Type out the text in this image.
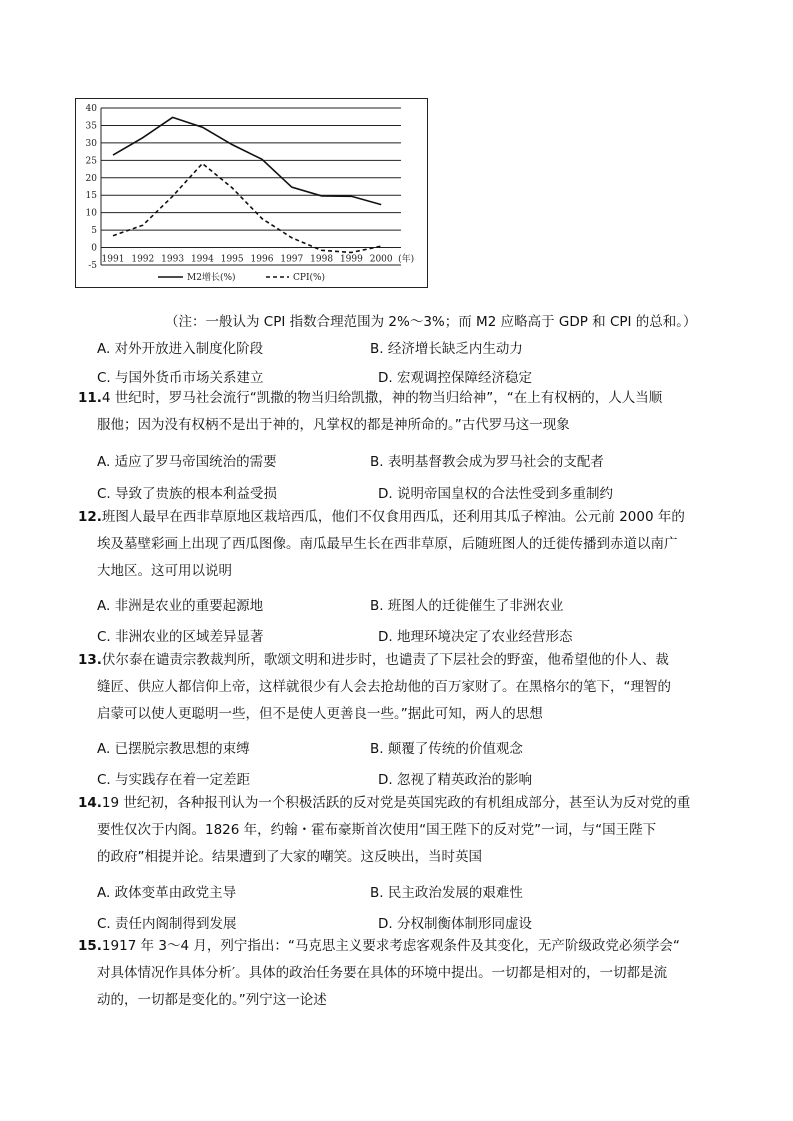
40
35
30
25
20
15
10
5
0
-5
1991 1992 1993 1994 1995 1996 1997 1998 1999 2000 (年)
M2增长(%)	CPI(%)
（注：一般认为 CPI 指数合理范围为 2%～3%；而 M2 应略高于 GDP 和 CPI 的总和。）
A. 对外开放进入制度化阶段	B. 经济增长缺乏内生动力
C. 与国外货币市场关系建立	D. 宏观调控保障经济稳定
11.4 世纪时，罗马社会流行“凯撒的物当归给凯撒，神的物当归给神”，“在上有权柄的，人人当顺
服他；因为没有权柄不是出于神的，凡掌权的都是神所命的。”古代罗马这一现象
A. 适应了罗马帝国统治的需要	B. 表明基督教会成为罗马社会的支配者
C. 导致了贵族的根本利益受损	D. 说明帝国皇权的合法性受到多重制约
12.班图人最早在西非草原地区栽培西瓜，他们不仅食用西瓜，还利用其瓜子榨油。公元前 2000 年的
埃及墓壁彩画上出现了西瓜图像。南瓜最早生长在西非草原，后随班图人的迁徙传播到赤道以南广
大地区。这可用以说明
A. 非洲是农业的重要起源地	B. 班图人的迁徙催生了非洲农业
C. 非洲农业的区域差异显著	D. 地理环境决定了农业经营形态
13.伏尔泰在谴责宗教裁判所，歌颂文明和进步时，也谴责了下层社会的野蛮，他希望他的仆人、裁
缝匠、供应人都信仰上帝，这样就很少有人会去抢劫他的百万家财了。在黑格尔的笔下，“理智的
启蒙可以使人更聪明一些，但不是使人更善良一些。”据此可知，两人的思想
A. 已摆脱宗教思想的束缚	B. 颠覆了传统的价值观念
C. 与实践存在着一定差距	D. 忽视了精英政治的影响
14.19 世纪初，各种报刊认为一个积极活跃的反对党是英国宪政的有机组成部分，甚至认为反对党的重
要性仅次于内阁。1826 年，约翰・霍布豪斯首次使用“国王陛下的反对党”一词，与“国王陛下
的政府”相提并论。结果遭到了大家的嘲笑。这反映出，当时英国
A. 政体变革由政党主导	B. 民主政治发展的艰难性
C. 责任内阁制得到发展	D. 分权制衡体制形同虚设
15.1917 年 3～4 月，列宁指出：“马克思主义要求考虑客观条件及其变化，无产阶级政党必须学会“
对具体情况作具体分析′。具体的政治任务要在具体的环境中提出。一切都是相对的，一切都是流
动的，一切都是变化的。”列宁这一论述
